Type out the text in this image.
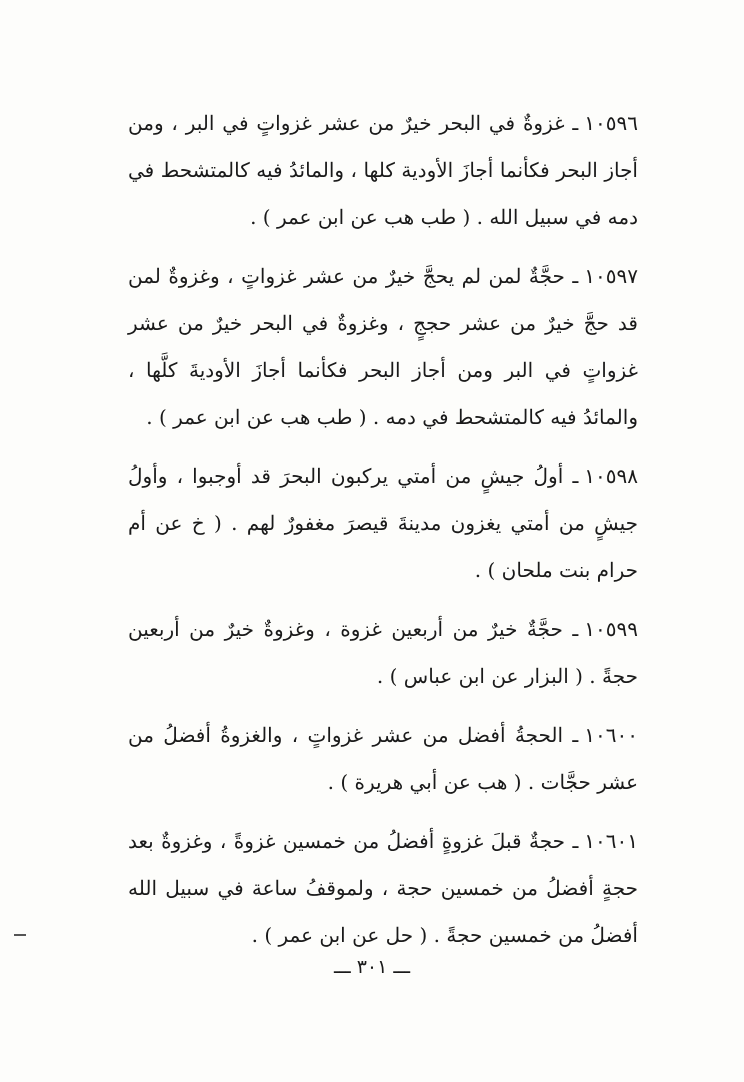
١٠٥٩٦ـ غزوةٌ في البحر خيرٌ من عشر غزواتٍ في البر ، ومن أجاز البحر فكأنما أجازَ الأودية كلها ، والمائدُ فيه كالمتشحط في دمه في سبيل الله . ( طب هب عن ابن عمر ) .

١٠٥٩٧ـ حجَّةٌ لمن لم يحجَّ خيرٌ من عشر غزواتٍ ، وغزوةٌ لمن قد حجَّ خيرٌ من عشر حججٍ ، وغزوةٌ في البحر خيرٌ من عشر غزواتٍ في البر ومن أجاز البحر فكأنما أجازَ الأوديةَ كلَّها ، والمائدُ فيه كالمتشحط في دمه . ( طب هب عن ابن عمر ) .

١٠٥٩٨ـ أولُ جيشٍ من أمتي يركبون البحرَ قد أوجبوا ، وأولُ جيشٍ من أمتي يغزون مدينةَ قيصرَ مغفورٌ لهم . ( خ عن أم حرام بنت ملحان ) .

١٠٥٩٩ـ حجَّةٌ خيرٌ من أربعين غزوة ، وغزوةٌ خيرٌ من أربعين حجةً . ( البزار عن ابن عباس ) .

١٠٦٠٠ـ الحجةُ أفضل من عشر غزواتٍ ، والغزوةُ أفضلُ من عشر حجَّات . ( هب عن أبي هريرة ) .

١٠٦٠١ـ حجةٌ قبلَ غزوةٍ أفضلُ من خمسين غزوةً ، وغزوةٌ بعد حجةٍ أفضلُ من خمسين حجة ، ولموقفُ ساعة في سبيل الله أفضلُ من خمسين حجةً . ( حل عن ابن عمر ) .

ـــ ٣٠١ ـــ
